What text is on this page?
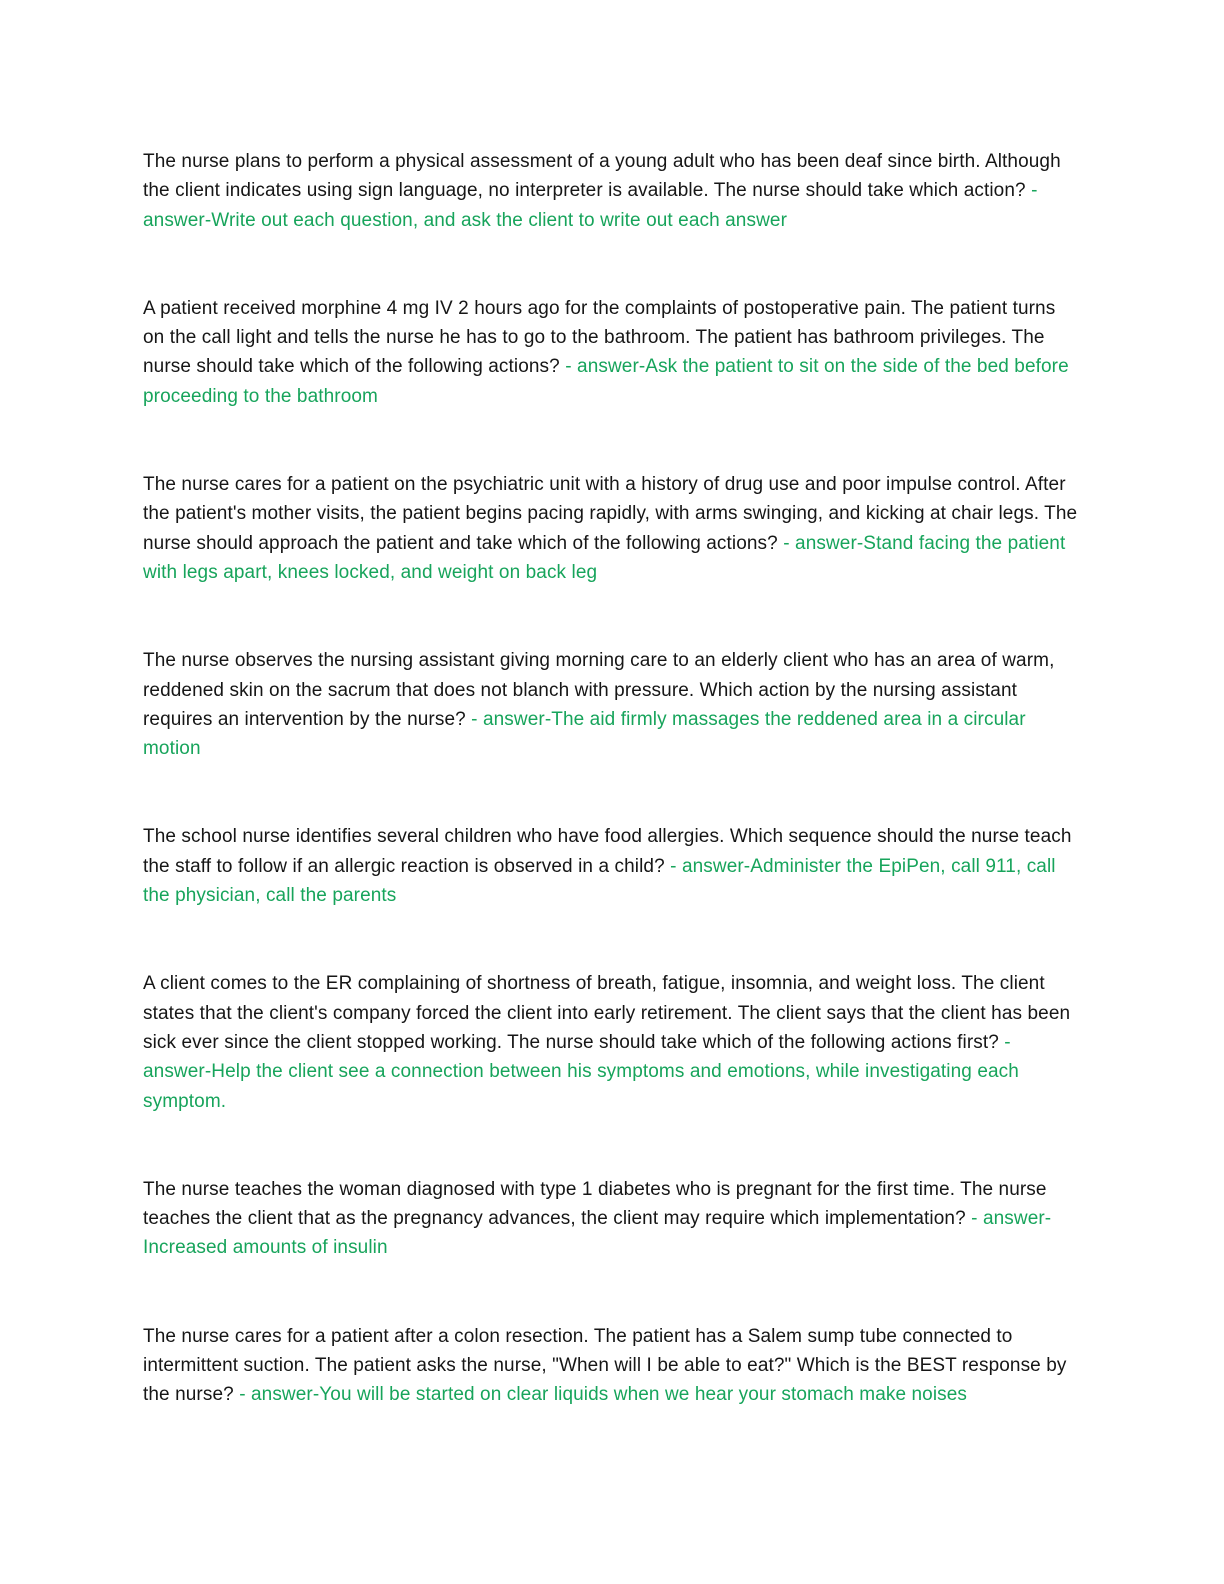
The nurse plans to perform a physical assessment of a young adult who has been deaf since birth. Although the client indicates using sign language, no interpreter is available. The nurse should take which action? - answer-Write out each question, and ask the client to write out each answer

A patient received morphine 4 mg IV 2 hours ago for the complaints of postoperative pain. The patient turns on the call light and tells the nurse he has to go to the bathroom. The patient has bathroom privileges. The nurse should take which of the following actions? - answer-Ask the patient to sit on the side of the bed before proceeding to the bathroom

The nurse cares for a patient on the psychiatric unit with a history of drug use and poor impulse control. After the patient's mother visits, the patient begins pacing rapidly, with arms swinging, and kicking at chair legs. The nurse should approach the patient and take which of the following actions? - answer-Stand facing the patient with legs apart, knees locked, and weight on back leg

The nurse observes the nursing assistant giving morning care to an elderly client who has an area of warm, reddened skin on the sacrum that does not blanch with pressure. Which action by the nursing assistant requires an intervention by the nurse? - answer-The aid firmly massages the reddened area in a circular motion

The school nurse identifies several children who have food allergies. Which sequence should the nurse teach the staff to follow if an allergic reaction is observed in a child? - answer-Administer the EpiPen, call 911, call the physician, call the parents

A client comes to the ER complaining of shortness of breath, fatigue, insomnia, and weight loss. The client states that the client's company forced the client into early retirement. The client says that the client has been sick ever since the client stopped working. The nurse should take which of the following actions first? - answer-Help the client see a connection between his symptoms and emotions, while investigating each symptom.

The nurse teaches the woman diagnosed with type 1 diabetes who is pregnant for the first time. The nurse teaches the client that as the pregnancy advances, the client may require which implementation? - answer-Increased amounts of insulin

The nurse cares for a patient after a colon resection. The patient has a Salem sump tube connected to intermittent suction. The patient asks the nurse, "When will I be able to eat?" Which is the BEST response by the nurse? - answer-You will be started on clear liquids when we hear your stomach make noises
